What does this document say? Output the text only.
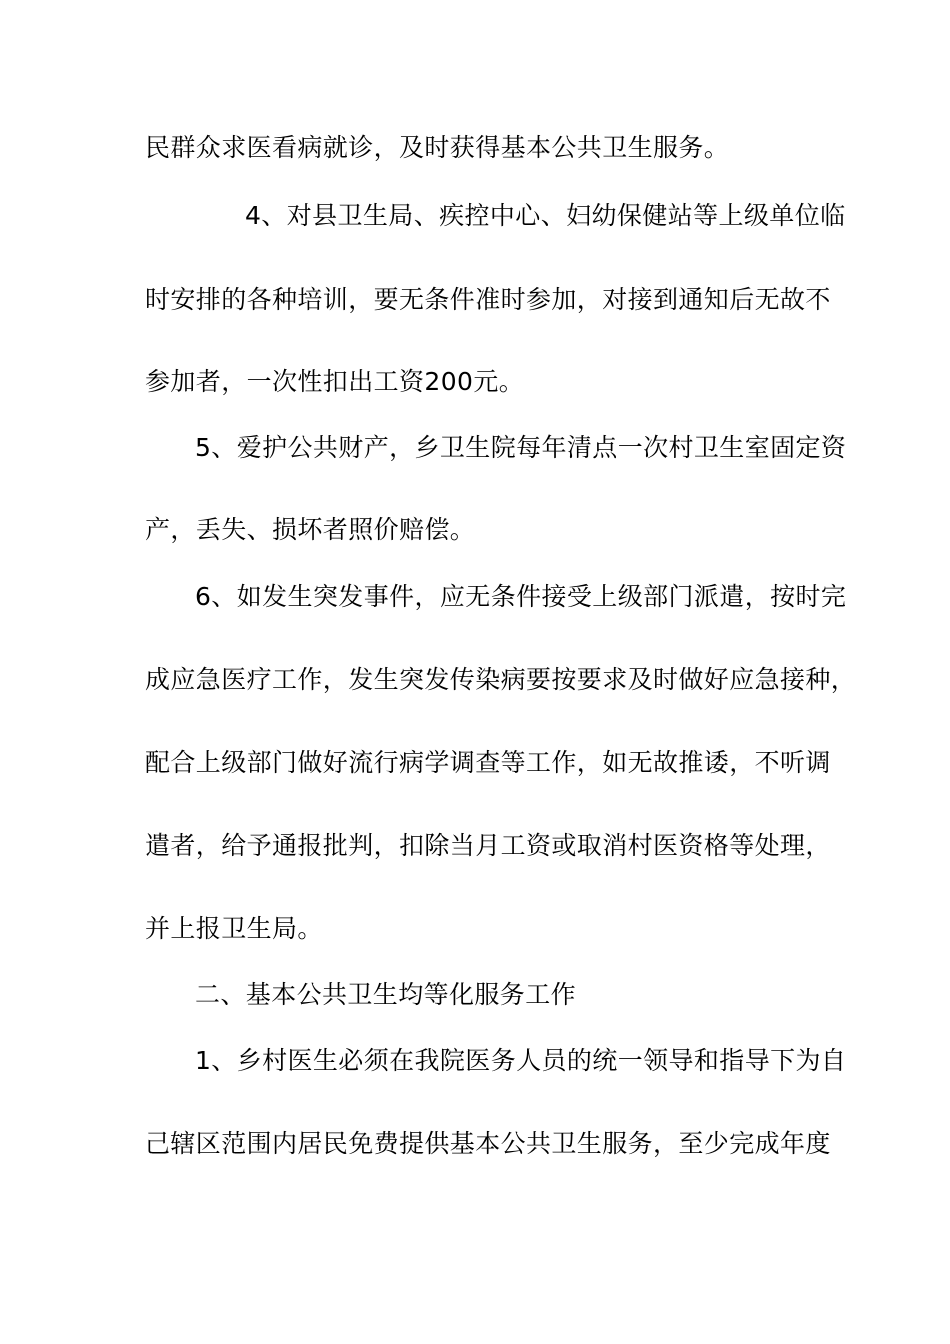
民群众求医看病就诊，及时获得基本公共卫生服务。
4、对县卫生局、疾控中心、妇幼保健站等上级单位临
时安排的各种培训，要无条件准时参加，对接到通知后无故不
参加者，一次性扣出工资200元。
5、爱护公共财产，乡卫生院每年清点一次村卫生室固定资
产，丢失、损坏者照价赔偿。
6、如发生突发事件，应无条件接受上级部门派遣，按时完
成应急医疗工作，发生突发传染病要按要求及时做好应急接种，
配合上级部门做好流行病学调查等工作，如无故推诿，不听调
遣者，给予通报批判，扣除当月工资或取消村医资格等处理，
并上报卫生局。
二、基本公共卫生均等化服务工作
1、乡村医生必须在我院医务人员的统一领导和指导下为自
己辖区范围内居民免费提供基本公共卫生服务，至少完成年度
